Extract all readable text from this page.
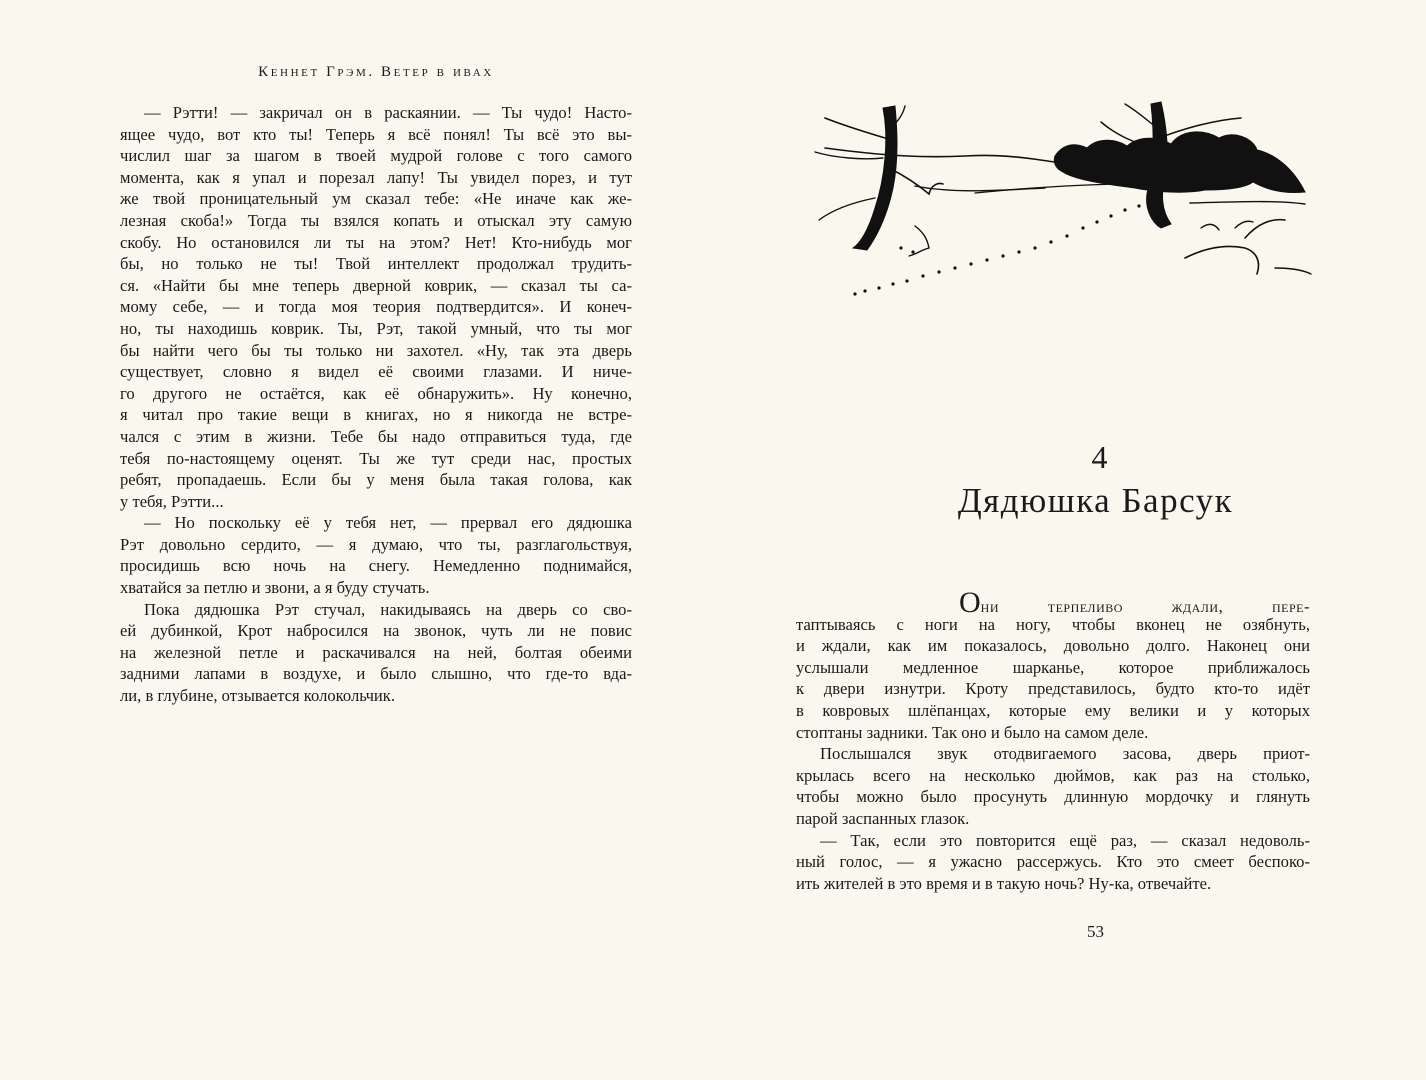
Кеннет Грэм. Ветер в ивах
— Рэтти! — закричал он в раскаянии. — Ты чудо! Насто-
ящее чудо, вот кто ты! Теперь я всё понял! Ты всё это вы-
числил шаг за шагом в твоей мудрой голове с того самого
момента, как я упал и порезал лапу! Ты увидел порез, и тут
же твой проницательный ум сказал тебе: «Не иначе как же-
лезная скоба!» Тогда ты взялся копать и отыскал эту самую
скобу. Но остановился ли ты на этом? Нет! Кто-нибудь мог
бы, но только не ты! Твой интеллект продолжал трудить-
ся. «Найти бы мне теперь дверной коврик, — сказал ты са-
мому себе, — и тогда моя теория подтвердится». И конеч-
но, ты находишь коврик. Ты, Рэт, такой умный, что ты мог
бы найти чего бы ты только ни захотел. «Ну, так эта дверь
существует, словно я видел её своими глазами. И ниче-
го другого не остаётся, как её обнаружить». Ну конечно,
я читал про такие вещи в книгах, но я никогда не встре-
чался с этим в жизни. Тебе бы надо отправиться туда, где
тебя по-настоящему оценят. Ты же тут среди нас, простых
ребят, пропадаешь. Если бы у меня была такая голова, как
у тебя, Рэтти...
— Но поскольку её у тебя нет, — прервал его дядюшка
Рэт довольно сердито, — я думаю, что ты, разглагольствуя,
просидишь всю ночь на снегу. Немедленно поднимайся,
хватайся за петлю и звони, а я буду стучать.
Пока дядюшка Рэт стучал, накидываясь на дверь со сво-
ей дубинкой, Крот набросился на звонок, чуть ли не повис
на железной петле и раскачивался на ней, болтая обеими
задними лапами в воздухе, и было слышно, что где-то вда-
ли, в глубине, отзывается колокольчик.
4
Дядюшка Барсук
Они терпеливо ждали, пере-
таптываясь с ноги на ногу, чтобы вконец не озябнуть,
и ждали, как им показалось, довольно долго. Наконец они
услышали медленное шарканье, которое приближалось
к двери изнутри. Кроту представилось, будто кто-то идёт
в ковровых шлёпанцах, которые ему велики и у которых
стоптаны задники. Так оно и было на самом деле.
Послышался звук отодвигаемого засова, дверь приот-
крылась всего на несколько дюймов, как раз на столько,
чтобы можно было просунуть длинную мордочку и глянуть
парой заспанных глазок.
— Так, если это повторится ещё раз, — сказал недоволь-
ный голос, — я ужасно рассержусь. Кто это смеет беспоко-
ить жителей в это время и в такую ночь? Ну-ка, отвечайте.
53
